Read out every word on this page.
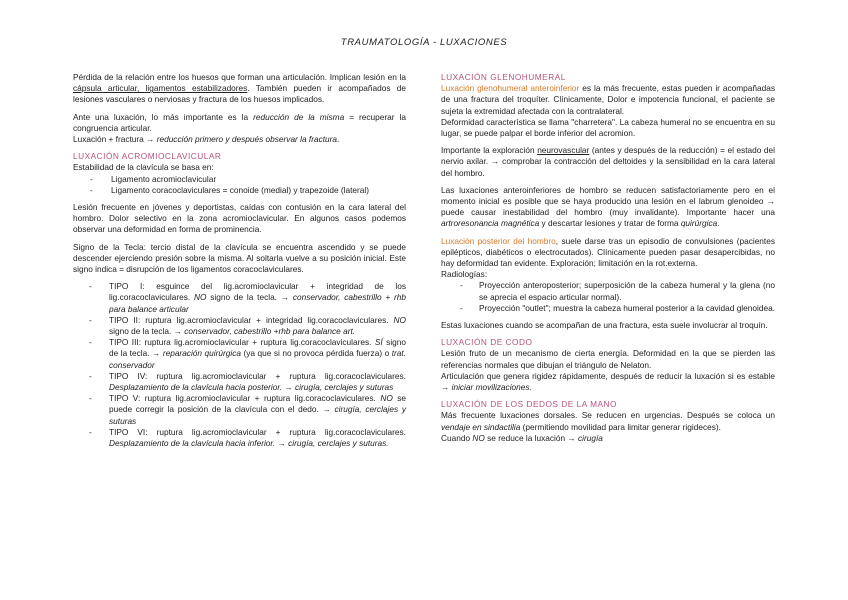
TRAUMATOLOGÍA - LUXACIONES

Pérdida de la relación entre los huesos que forman una articulación. Implican lesión en la cápsula articular, ligamentos estabilizadores. También pueden ir acompañados de lesiones vasculares o nerviosas y fractura de los huesos implicados.

Ante una luxación, lo más importante es la reducción de la misma = recuperar la congruencia articular.

Luxación + fractura → reducción primero y después observar la fractura.

LUXACIÓN ACROMIOCLAVICULAR
Estabilidad de la clavícula se basa en:
- Ligamento acromioclavicular
- Ligamento coracoclaviculares = conoide (medial) y trapezoide (lateral)

Lesión frecuente en jóvenes y deportistas, caídas con contusión en la cara lateral del hombro. Dolor selectivo en la zona acromioclavicular. En algunos casos podemos observar una deformidad en forma de prominencia.

Signo de la Tecla: tercio distal de la clavícula se encuentra ascendido y se puede descender ejerciendo presión sobre la misma. Al soltarla vuelve a su posición inicial. Este signo indica = disrupción de los ligamentos coracoclaviculares.

- TIPO I: esguince del lig.acromioclavicular + integridad de los lig.coracoclaviculares. NO signo de la tecla. → conservador, cabestrillo + rhb para balance articular
- TIPO II: ruptura lig.acromioclavicular + integridad lig.coracoclaviculares. NO signo de la tecla. → conservador, cabestrillo +rhb para balance art.
- TIPO III: ruptura lig.acromioclavicular + ruptura lig.coracoclaviculares. SÍ signo de la tecla. → reparación quirúrgica (ya que si no provoca pérdida fuerza) o trat. conservador
- TIPO IV: ruptura lig.acromioclavicular + ruptura lig.coracoclaviculares. Desplazamiento de la clavícula hacia posterior. → cirugía, cerclajes y suturas
- TIPO V: ruptura lig.acromioclavicular + ruptura lig.coracoclaviculares. NO se puede corregir la posición de la clavícula con el dedo. → cirugía, cerclajes y suturas
- TIPO VI: ruptura lig.acromioclavicular + ruptura lig.coracoclaviculares. Desplazamiento de la clavícula hacia inferior. → cirugía, cerclajes y suturas.
LUXACIÓN GLENOHUMERAL
Luxación glenohumeral anteroinferior es la más frecuente, estas pueden ir acompañadas de una fractura del troquíter. Clínicamente, Dolor e impotencia funcional, el paciente se sujeta la extremidad afectada con la contralateral.

Deformidad característica se llama "charretera". La cabeza humeral no se encuentra en su lugar, se puede palpar el borde inferior del acromion.

Importante la exploración neurovascular (antes y después de la reducción) = el estado del nervio axilar. → comprobar la contracción del deltoides y la sensibilidad en la cara lateral del hombro.

Las luxaciones anteroinferiores de hombro se reducen satisfactoriamente pero en el momento inicial es posible que se haya producido una lesión en el labrum glenoideo → puede causar inestabilidad del hombro (muy invalidante). Importante hacer una artroresonancia magnética y descartar lesiones y tratar de forma quirúrgica.

Luxación posterior del hombro, suele darse tras un episodio de convulsiones (pacientes epilépticos, diabéticos o electrocutados). Clínicamente pueden pasar desapercibidas, no hay deformidad tan evidente. Exploración; limitación en la rot.externa.
Radiologías:
- Proyección anteroposterior; superposición de la cabeza humeral y la glena (no se aprecia el espacio articular normal).
- Proyección "outlet"; muestra la cabeza humeral posterior a la cavidad glenoidea.

Estas luxaciones cuando se acompañan de una fractura, esta suele involucrar al troquín.

LUXACIÓN DE CODO
Lesión fruto de un mecanismo de cierta energía. Deformidad en la que se pierden las referencias normales que dibujan el triángulo de Nelaton.

Articulación que genera rigidez rápidamente, después de reducir la luxación si es estable → iniciar movilizaciones.

LUXACIÓN DE LOS DEDOS DE LA MANO
Más frecuente luxaciones dorsales. Se reducen en urgencias. Después se coloca un vendaje en sindactilia (permitiendo movilidad para limitar generar rigideces).
Cuando NO se reduce la luxación → cirugía
